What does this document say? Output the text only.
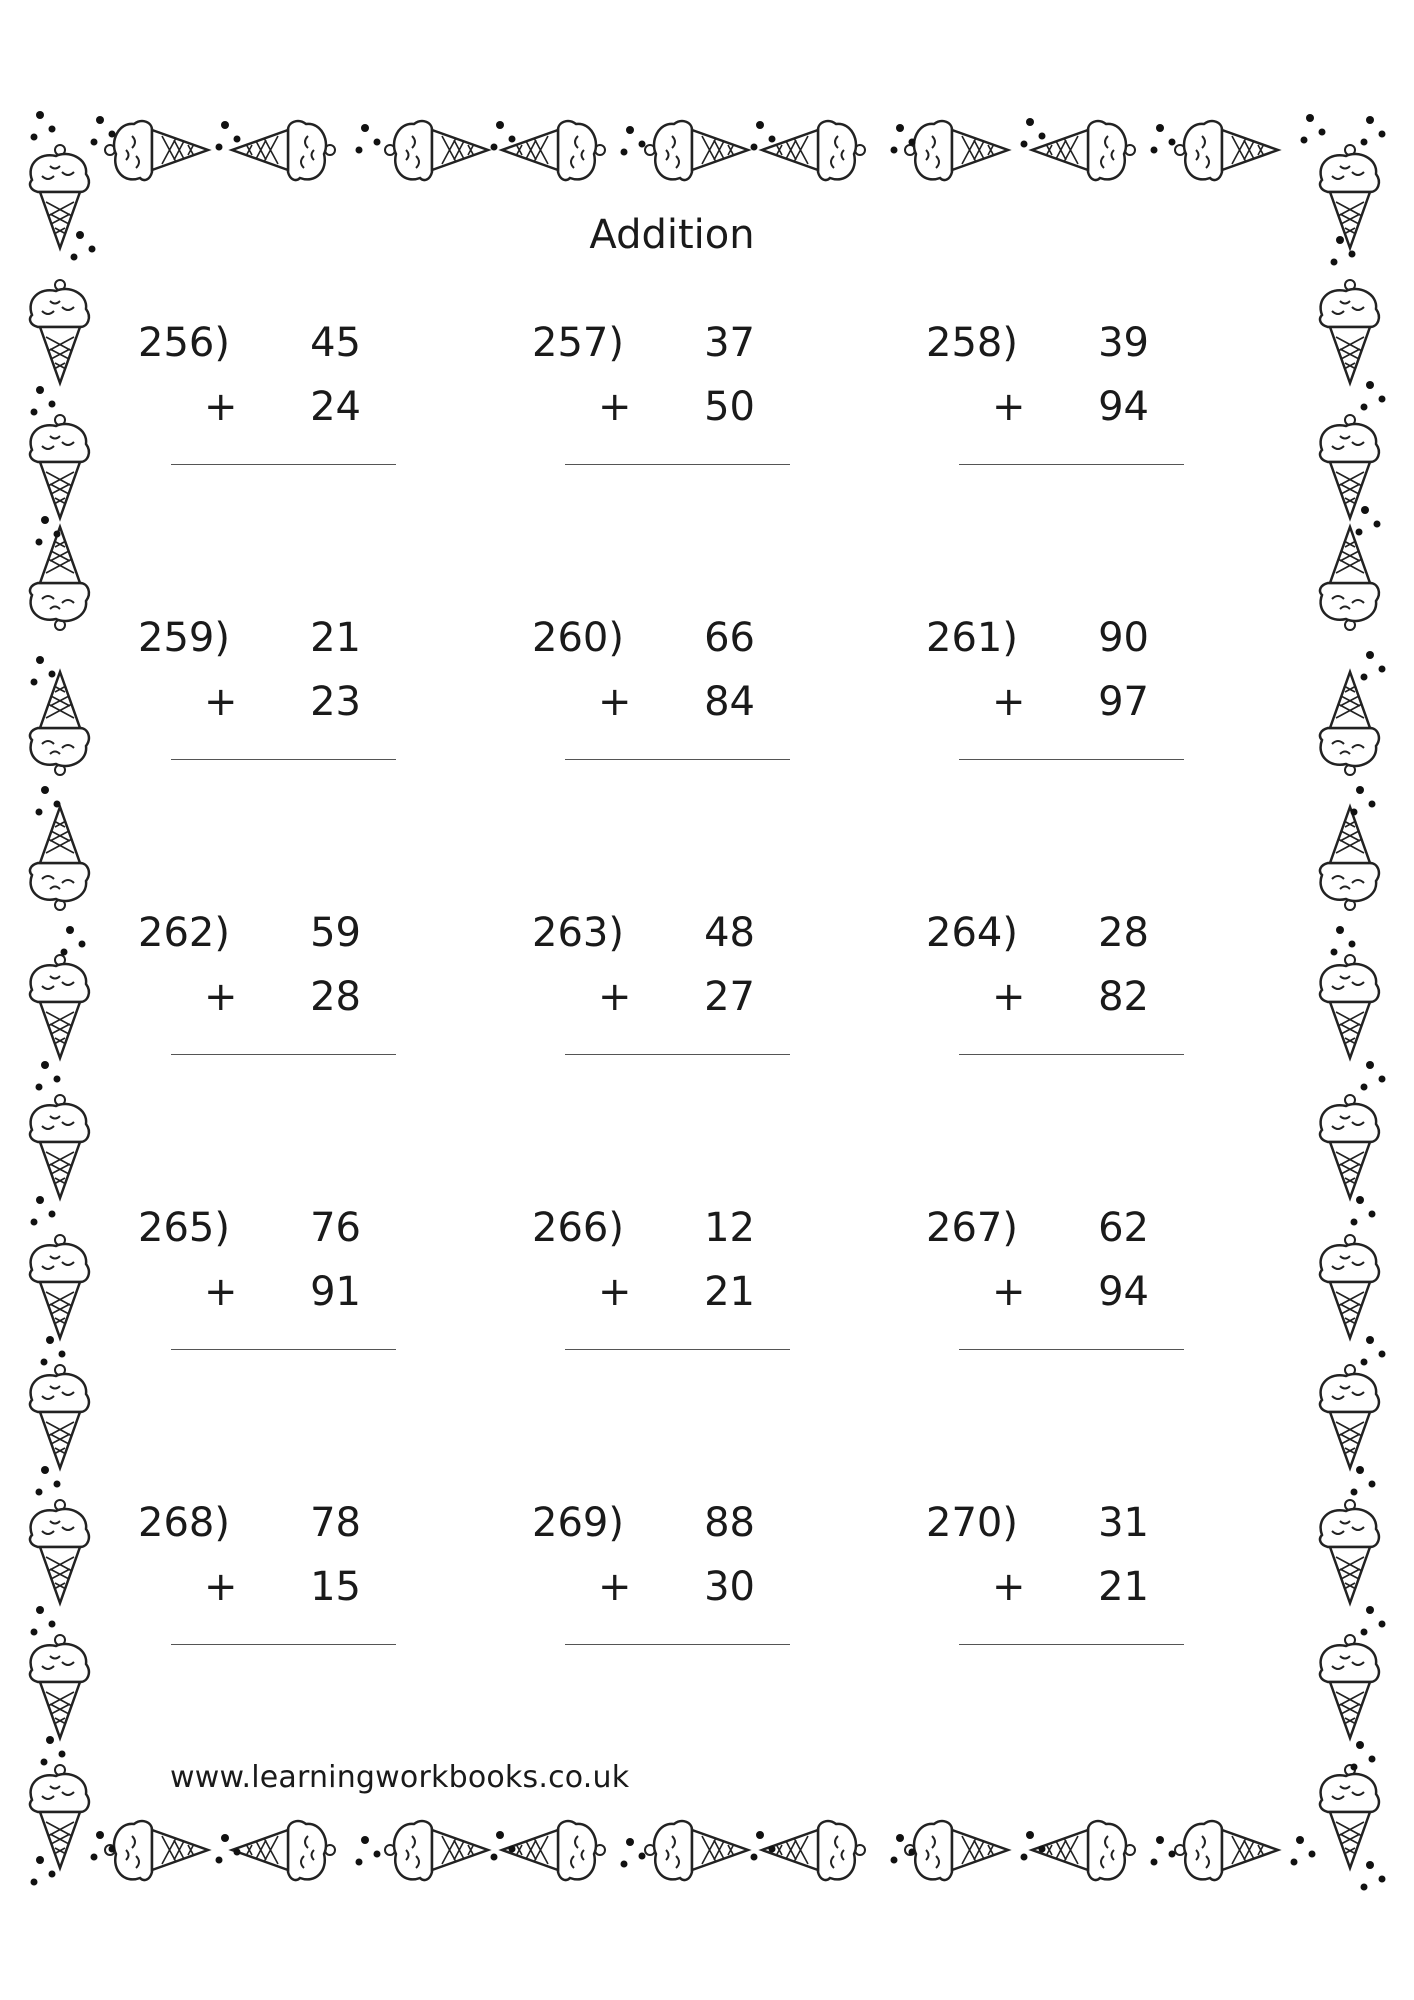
Addition
256) 45
+ 24
257) 37
+ 50
258) 39
+ 94
259) 21
+ 23
260) 66
+ 84
261) 90
+ 97
262) 59
+ 28
263) 48
+ 27
264) 28
+ 82
265) 76
+ 91
266) 12
+ 21
267) 62
+ 94
268) 78
+ 15
269) 88
+ 30
270) 31
+ 21
www.learningworkbooks.co.uk
